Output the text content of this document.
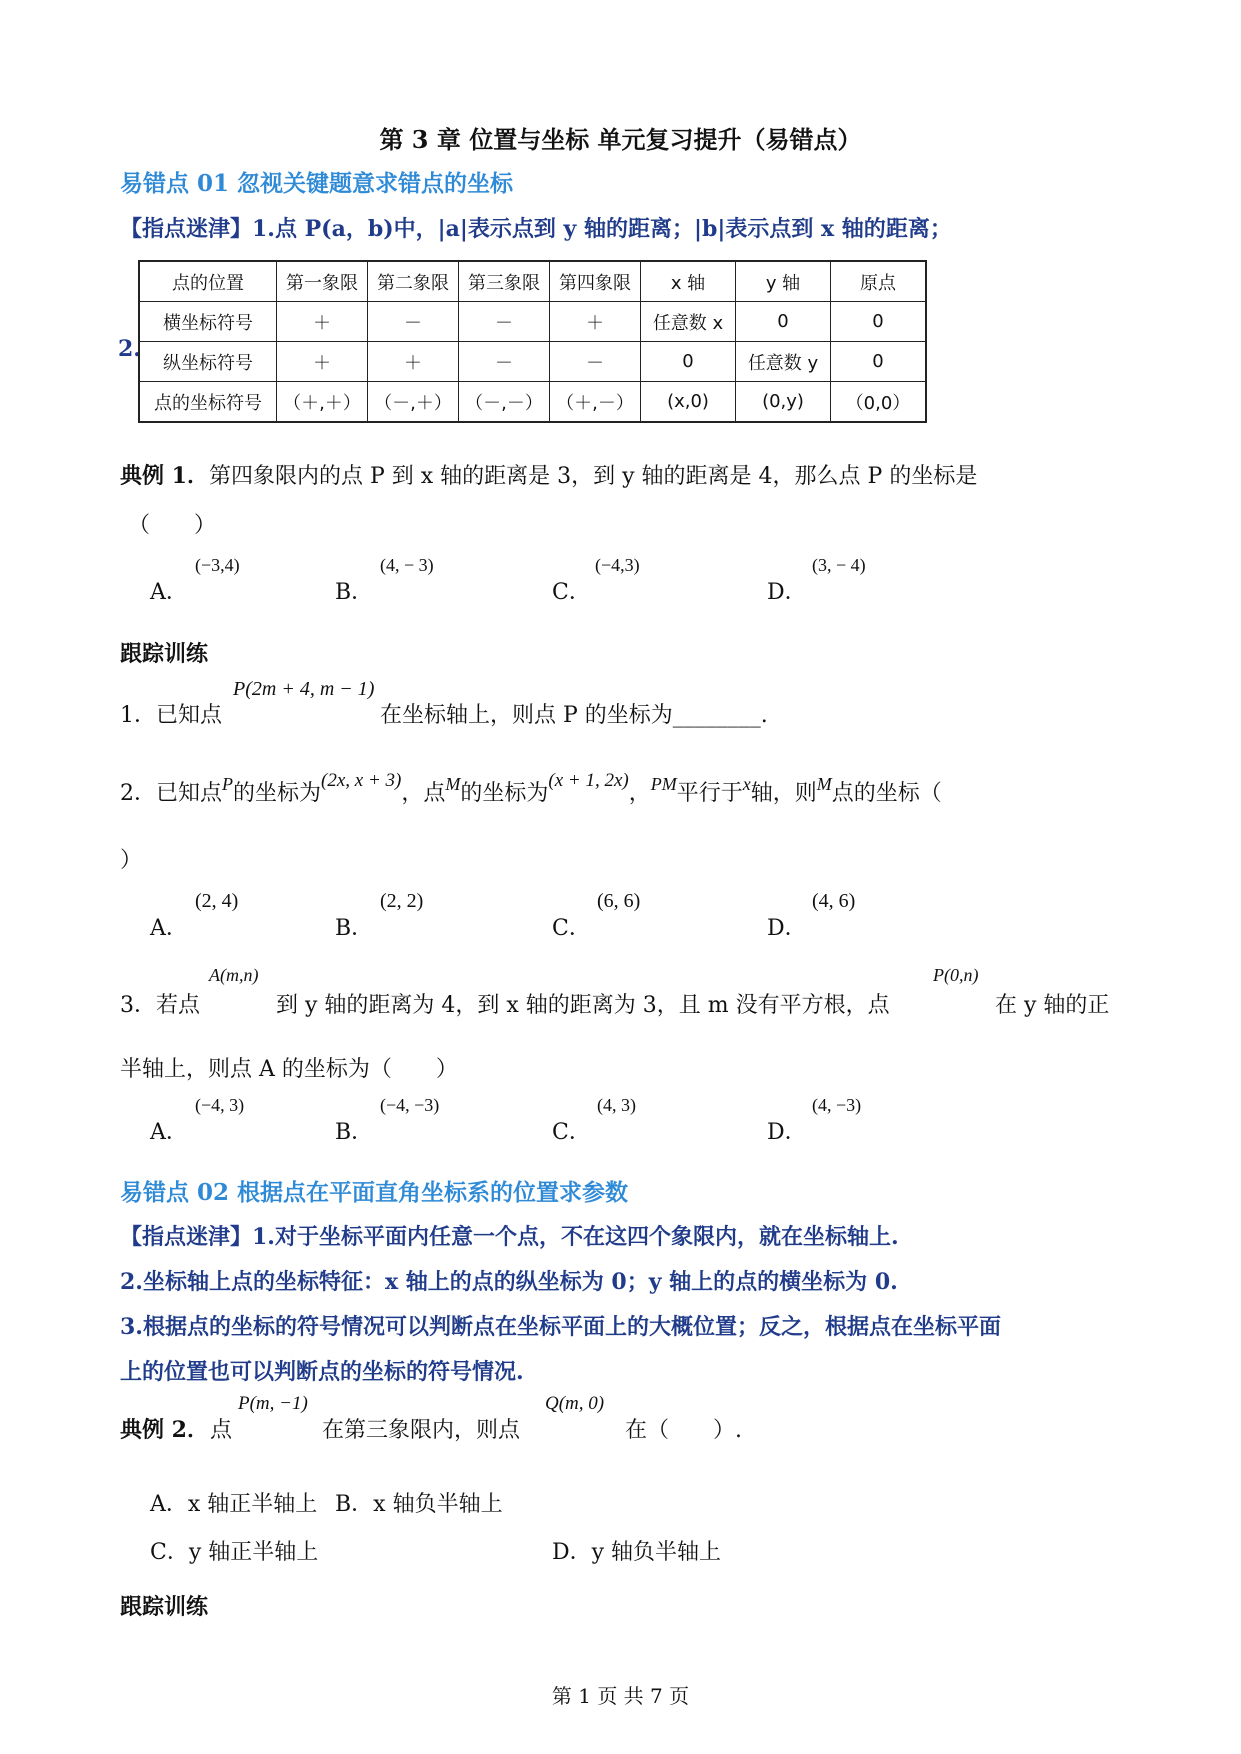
第 3 章 位置与坐标 单元复习提升（易错点）
易错点 01 忽视关键题意求错点的坐标
【指点迷津】1.点 P(a，b)中，|a|表示点到 y 轴的距离；|b|表示点到 x 轴的距离；
2.
点的位置	第一象限	第二象限	第三象限	第四象限	x 轴	y 轴	原点
横坐标符号	＋	－	－	＋	任意数 x	0	0
纵坐标符号	＋	＋	－	－	0	任意数 y	0
点的坐标符号	（＋,＋）	（－,＋）	（－,－）	（＋,－）	(x,0)	(0,y)	（0,0）
典例 1．第四象限内的点 P 到 x 轴的距离是 3，到 y 轴的距离是 4，那么点 P 的坐标是
（　　）
A．
(−3,4)
B．
(4, − 3)
C．
(−4,3)
D．
(3, − 4)
跟踪训练
1．已知点
P(2m + 4, m − 1)
在坐标轴上，则点 P 的坐标为________.
2．已知点$^P$的坐标为(2x, x + 3)，点$^M$的坐标为(x + 1, 2x)，$^{PM}$平行于$^x$轴，则$^M$点的坐标（
）
A．
(2, 4)
B．
(2, 2)
C．
(6, 6)
D．
(4, 6)
3．若点
A(m,n)
到 y 轴的距离为 4，到 x 轴的距离为 3，且 m 没有平方根，点
P(0,n)
在 y 轴的正
半轴上，则点 A 的坐标为（　　）
A．
(−4, 3)
B．
(−4, −3)
C．
(4, 3)
D．
(4, −3)
易错点 02 根据点在平面直角坐标系的位置求参数
【指点迷津】1.对于坐标平面内任意一个点，不在这四个象限内，就在坐标轴上.
2.坐标轴上点的坐标特征：x 轴上的点的纵坐标为 0；y 轴上的点的横坐标为 0.
3.根据点的坐标的符号情况可以判断点在坐标平面上的大概位置；反之，根据点在坐标平面
上的位置也可以判断点的坐标的符号情况.
典例 2． 点
P(m, −1)
在第三象限内，则点
Q(m, 0)
在（　　）.
A．x 轴正半轴上 B．x 轴负半轴上
C．y 轴正半轴上	D．y 轴负半轴上
跟踪训练
第 1 页 共 7 页
